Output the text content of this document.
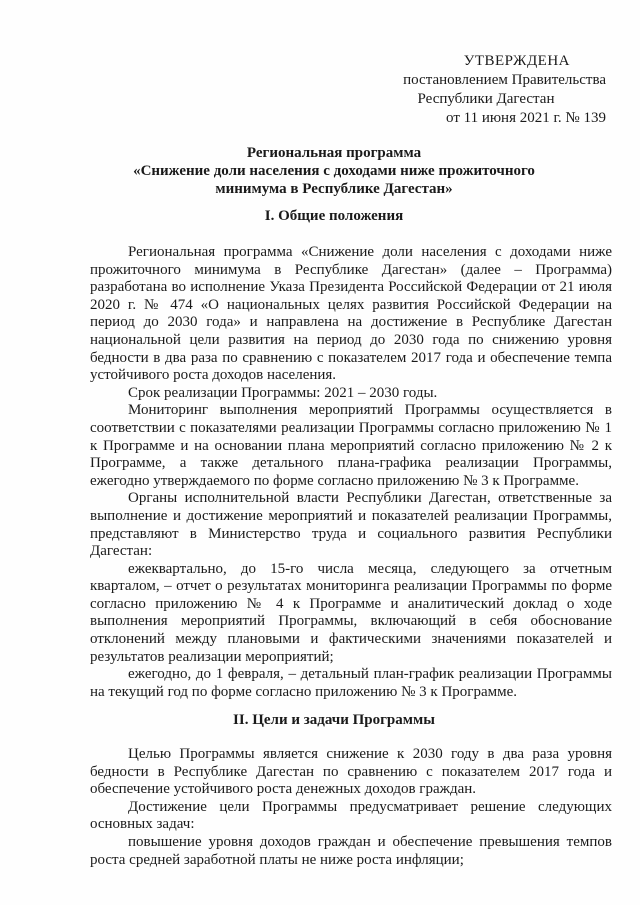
УТВЕРЖДЕНА
постановлением Правительства
Республики Дагестан
от 11 июня 2021 г. № 139
Региональная программа
«Снижение доли населения с доходами ниже прожиточного
минимума в Республике Дагестан»
I. Общие положения

Региональная программа «Снижение доли населения с доходами ниже прожиточного минимума в Республике Дагестан» (далее – Программа) разработана во исполнение Указа Президента Российской Федерации от 21 июля 2020 г. № 474 «О национальных целях развития Российской Федерации на период до 2030 года» и направлена на достижение в Республике Дагестан национальной цели развития на период до 2030 года по снижению уровня бедности в два раза по сравнению с показателем 2017 года и обеспечение темпа устойчивого роста доходов населения.

Срок реализации Программы: 2021 – 2030 годы.

Мониторинг выполнения мероприятий Программы осуществляется в соответствии с показателями реализации Программы согласно приложению № 1 к Программе и на основании плана мероприятий согласно приложению № 2 к Программе, а также детального плана-графика реализации Программы, ежегодно утверждаемого по форме согласно приложению № 3 к Программе.

Органы исполнительной власти Республики Дагестан, ответственные за выполнение и достижение мероприятий и показателей реализации Программы, представляют в Министерство труда и социального развития Республики Дагестан:

ежеквартально, до 15-го числа месяца, следующего за отчетным кварталом, – отчет о результатах мониторинга реализации Программы по форме согласно приложению № 4 к Программе и аналитический доклад о ходе выполнения мероприятий Программы, включающий в себя обоснование отклонений между плановыми и фактическими значениями показателей и результатов реализации мероприятий;

ежегодно, до 1 февраля, – детальный план-график реализации Программы на текущий год по форме согласно приложению № 3 к Программе.

II. Цели и задачи Программы

Целью Программы является снижение к 2030 году в два раза уровня бедности в Республике Дагестан по сравнению с показателем 2017 года и обеспечение устойчивого роста денежных доходов граждан.

Достижение цели Программы предусматривает решение следующих основных задач:

повышение уровня доходов граждан и обеспечение превышения темпов роста средней заработной платы не ниже роста инфляции;
